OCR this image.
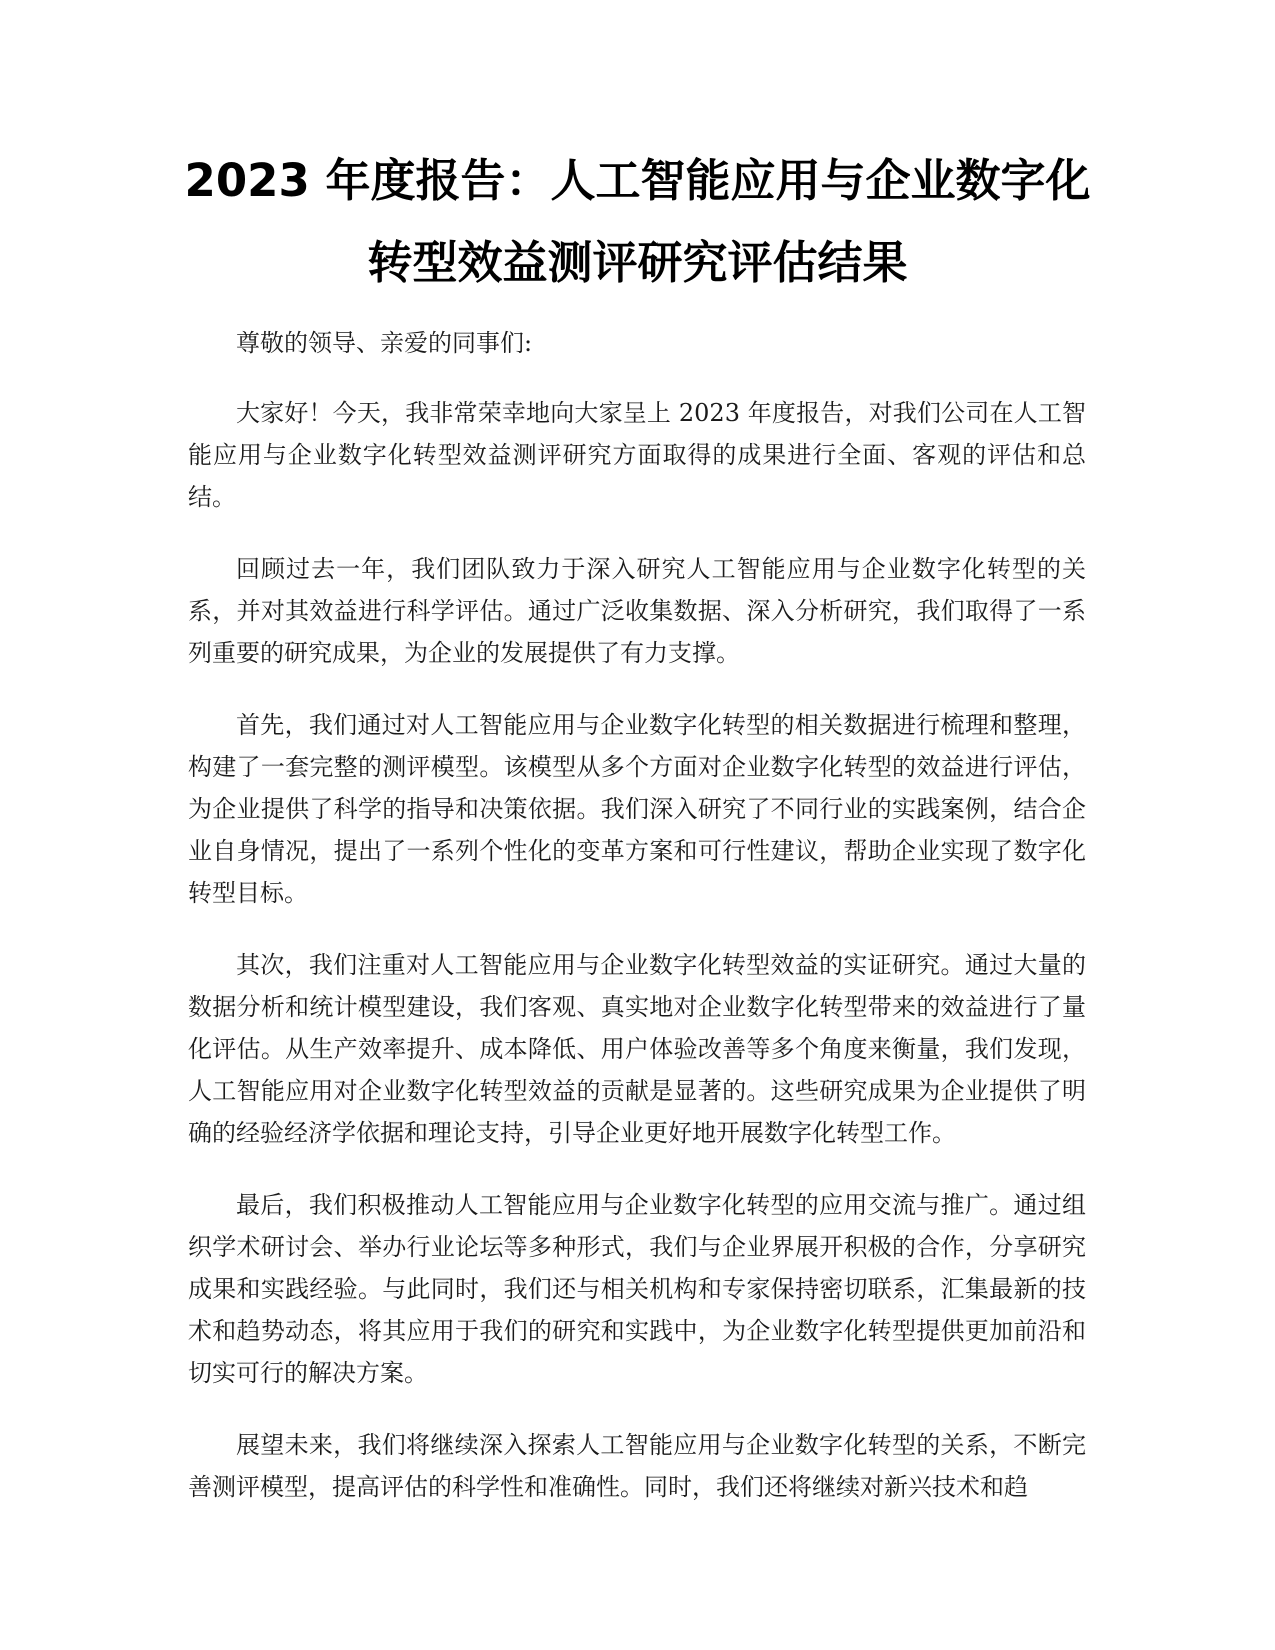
2023 年度报告：人工智能应用与企业数字化
转型效益测评研究评估结果

尊敬的领导、亲爱的同事们:

大家好！今天，我非常荣幸地向大家呈上 2023 年度报告，对我们公司在人工智能应用与企业数字化转型效益测评研究方面取得的成果进行全面、客观的评估和总结。

回顾过去一年，我们团队致力于深入研究人工智能应用与企业数字化转型的关系，并对其效益进行科学评估。通过广泛收集数据、深入分析研究，我们取得了一系列重要的研究成果，为企业的发展提供了有力支撑。

首先，我们通过对人工智能应用与企业数字化转型的相关数据进行梳理和整理，构建了一套完整的测评模型。该模型从多个方面对企业数字化转型的效益进行评估，为企业提供了科学的指导和决策依据。我们深入研究了不同行业的实践案例，结合企业自身情况，提出了一系列个性化的变革方案和可行性建议，帮助企业实现了数字化转型目标。

其次，我们注重对人工智能应用与企业数字化转型效益的实证研究。通过大量的数据分析和统计模型建设，我们客观、真实地对企业数字化转型带来的效益进行了量化评估。从生产效率提升、成本降低、用户体验改善等多个角度来衡量，我们发现，人工智能应用对企业数字化转型效益的贡献是显著的。这些研究成果为企业提供了明确的经验经济学依据和理论支持，引导企业更好地开展数字化转型工作。

最后，我们积极推动人工智能应用与企业数字化转型的应用交流与推广。通过组织学术研讨会、举办行业论坛等多种形式，我们与企业界展开积极的合作，分享研究成果和实践经验。与此同时，我们还与相关机构和专家保持密切联系，汇集最新的技术和趋势动态，将其应用于我们的研究和实践中，为企业数字化转型提供更加前沿和切实可行的解决方案。

展望未来，我们将继续深入探索人工智能应用与企业数字化转型的关系，不断完善测评模型，提高评估的科学性和准确性。同时，我们还将继续对新兴技术和趋
